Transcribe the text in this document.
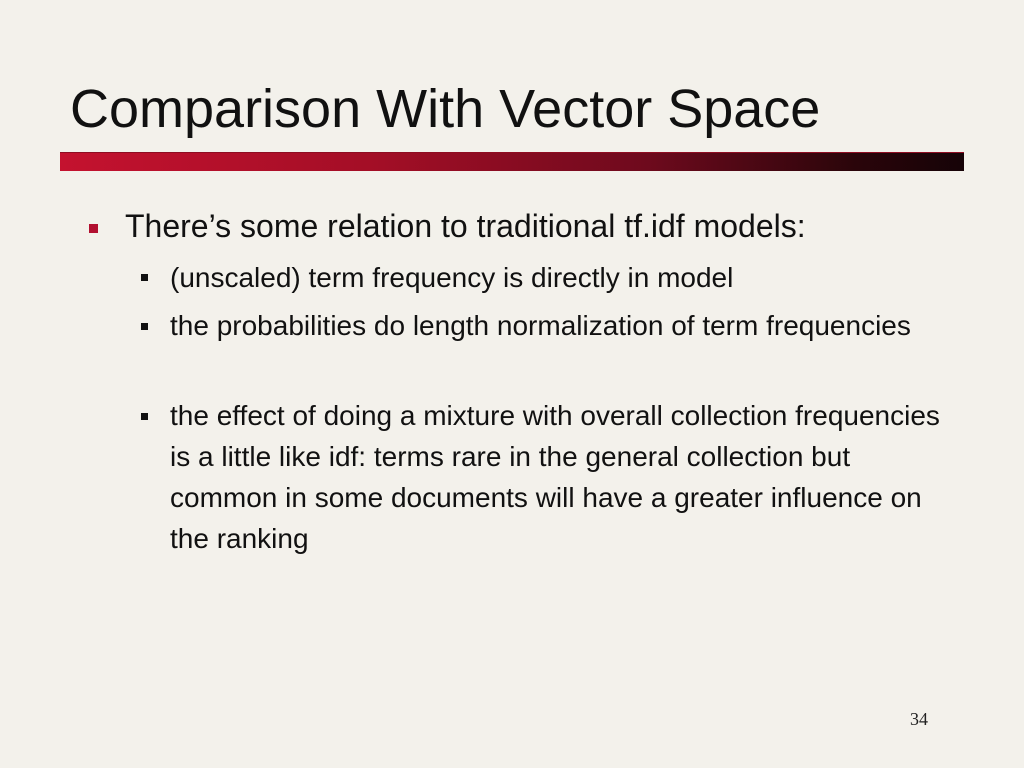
Comparison With Vector Space
There’s some relation to traditional tf.idf models:
(unscaled) term frequency is directly in model
the probabilities do length normalization of term frequencies
the effect of doing a mixture with overall collection frequencies is a little like idf: terms rare in the general collection but common in some documents will have a greater influence on the ranking
34
